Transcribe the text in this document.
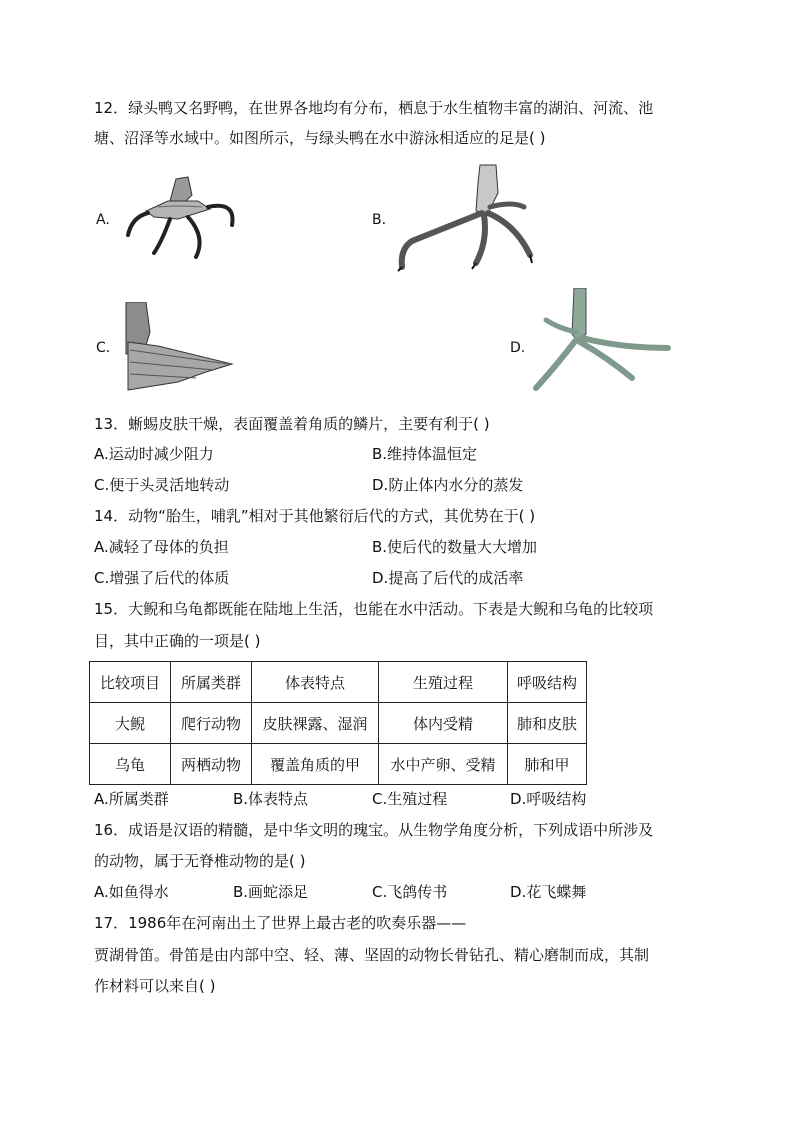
12．绿头鸭又名野鸭，在世界各地均有分布，栖息于水生植物丰富的湖泊、河流、池
塘、沼泽等水域中。如图所示，与绿头鸭在水中游泳相适应的足是( )
A.	B.
C.	D.
13．蜥蜴皮肤干燥，表面覆盖着角质的鳞片，主要有利于( )
A.运动时减少阻力	B.维持体温恒定
C.便于头灵活地转动	D.防止体内水分的蒸发
14．动物“胎生，哺乳”相对于其他繁衍后代的方式，其优势在于( )
A.减轻了母体的负担	B.使后代的数量大大增加
C.增强了后代的体质	D.提高了后代的成活率
15．大鲵和乌龟都既能在陆地上生活，也能在水中活动。下表是大鲵和乌龟的比较项
目，其中正确的一项是( )
比较项目	所属类群	体表特点	生殖过程	呼吸结构
大鲵	爬行动物	皮肤裸露、湿润	体内受精	肺和皮肤
乌龟	两栖动物	覆盖角质的甲	水中产卵、受精	肺和甲
A.所属类群	B.体表特点	C.生殖过程	D.呼吸结构
16．成语是汉语的精髓，是中华文明的瑰宝。从生物学角度分析，下列成语中所涉及
的动物，属于无脊椎动物的是( )
A.如鱼得水	B.画蛇添足	C.飞鸽传书	D.花飞蝶舞
17．1986年在河南出土了世界上最古老的吹奏乐器——
贾湖骨笛。骨笛是由内部中空、轻、薄、坚固的动物长骨钻孔、精心磨制而成，其制
作材料可以来自( )
